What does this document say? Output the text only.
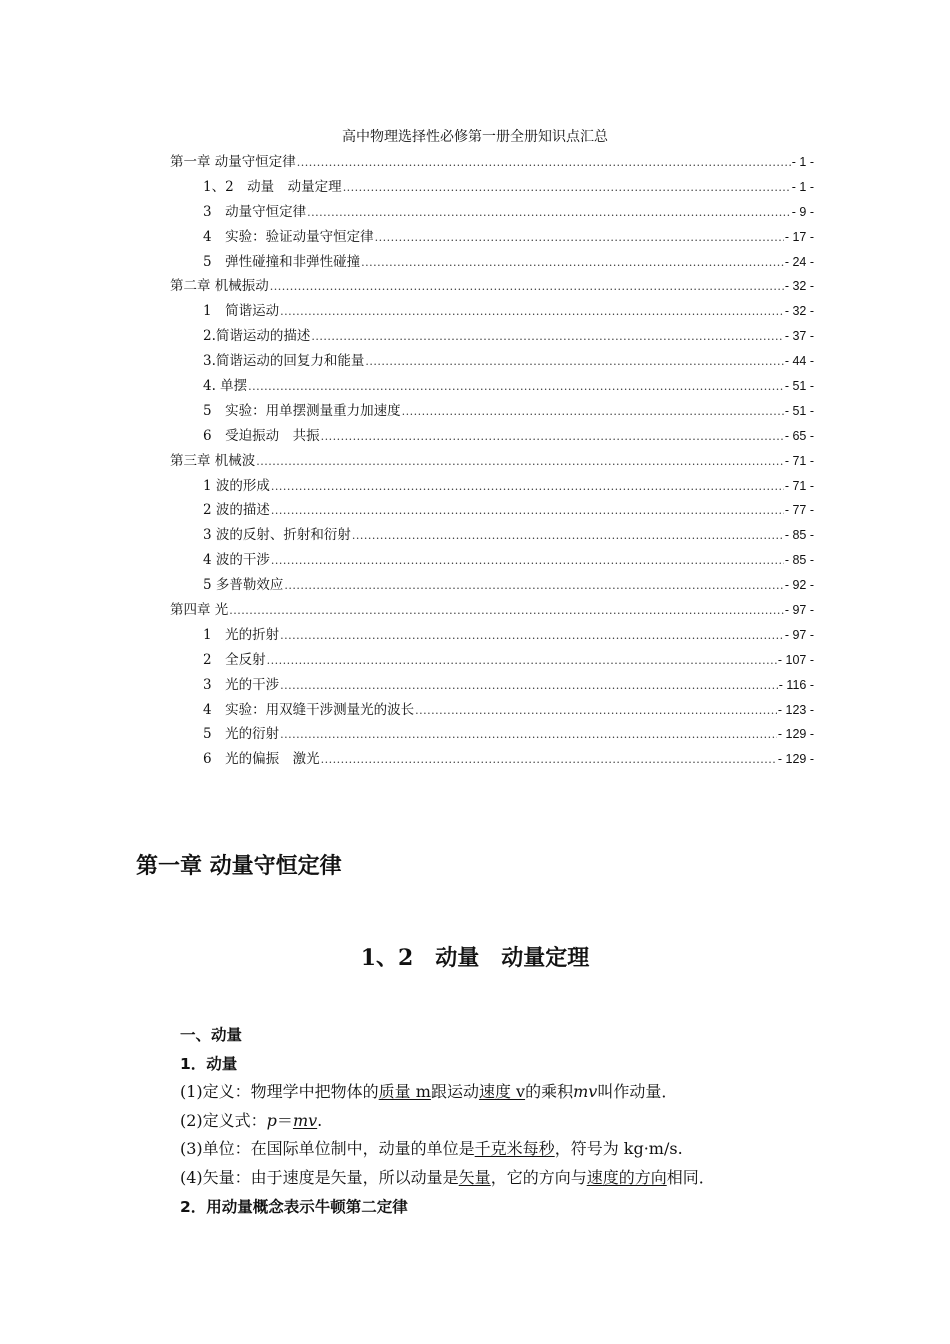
高中物理选择性必修第一册全册知识点汇总
第一章 动量守恒定律 .....	- 1 -
1、2　动量　动量定理 .....	- 1 -
3　动量守恒定律 .....	- 9 -
4　实验：验证动量守恒定律 .....	- 17 -
5　弹性碰撞和非弹性碰撞 .....	- 24 -
第二章 机械振动 .....	- 32 -
1　简谐运动 .....	- 32 -
2.简谐运动的描述 .....	- 37 -
3.简谐运动的回复力和能量 .....	- 44 -
4. 单摆 .....	- 51 -
5　实验：用单摆测量重力加速度 .....	- 51 -
6　受迫振动　共振 .....	- 65 -
第三章 机械波 .....	- 71 -
1 波的形成 .....	- 71 -
2 波的描述 .....	- 77 -
3 波的反射、折射和衍射 .....	- 85 -
4 波的干涉 .....	- 85 -
5 多普勒效应 .....	- 92 -
第四章 光 .....	- 97 -
1　光的折射 .....	- 97 -
2　全反射 .....	- 107 -
3　光的干涉 .....	- 116 -
4　实验：用双缝干涉测量光的波长 .....	- 123 -
5　光的衍射 .....	- 129 -
6　光的偏振　激光 .....	- 129 -
第一章 动量守恒定律
1、2　动量　动量定理
一、动量
1．动量
(1)定义：物理学中把物体的质量 m跟运动速度 v的乘积mv叫作动量．
(2)定义式：p＝mv.
(3)单位：在国际单位制中，动量的单位是千克米每秒，符号为 kg·m/s.
(4)矢量：由于速度是矢量，所以动量是矢量，它的方向与速度的方向相同．
2．用动量概念表示牛顿第二定律
